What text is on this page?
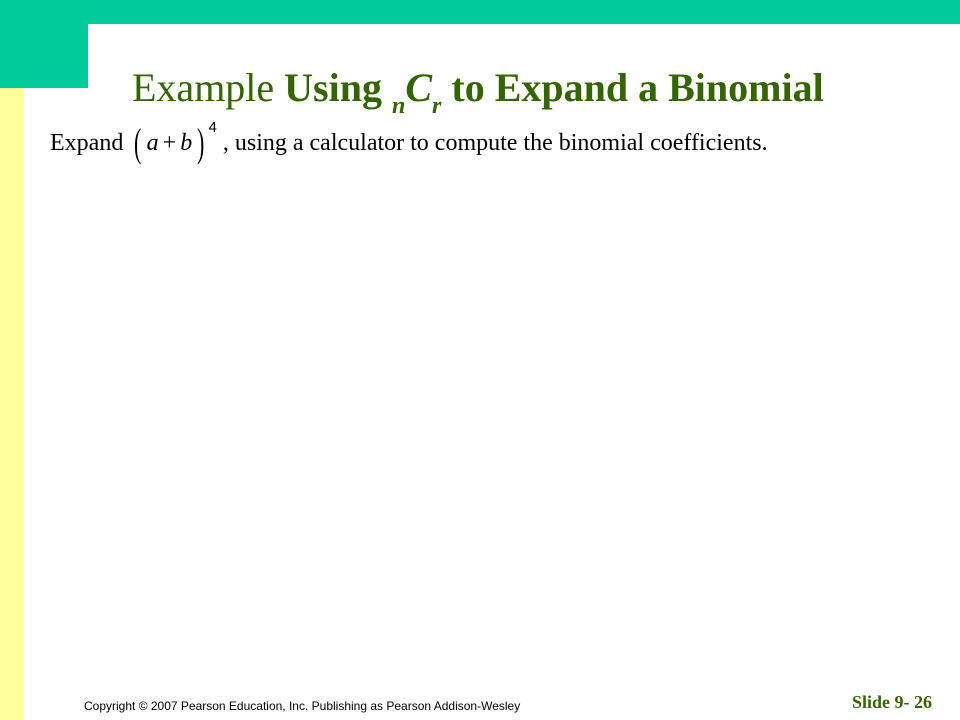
Example Using $_nC_r$ to Expand a Binomial
Expand ( a + b ) 4
, using a calculator to compute the binomial coefficients.
Copyright © 2007 Pearson Education, Inc. Publishing as Pearson Addison-Wesley	Slide 9- 26
